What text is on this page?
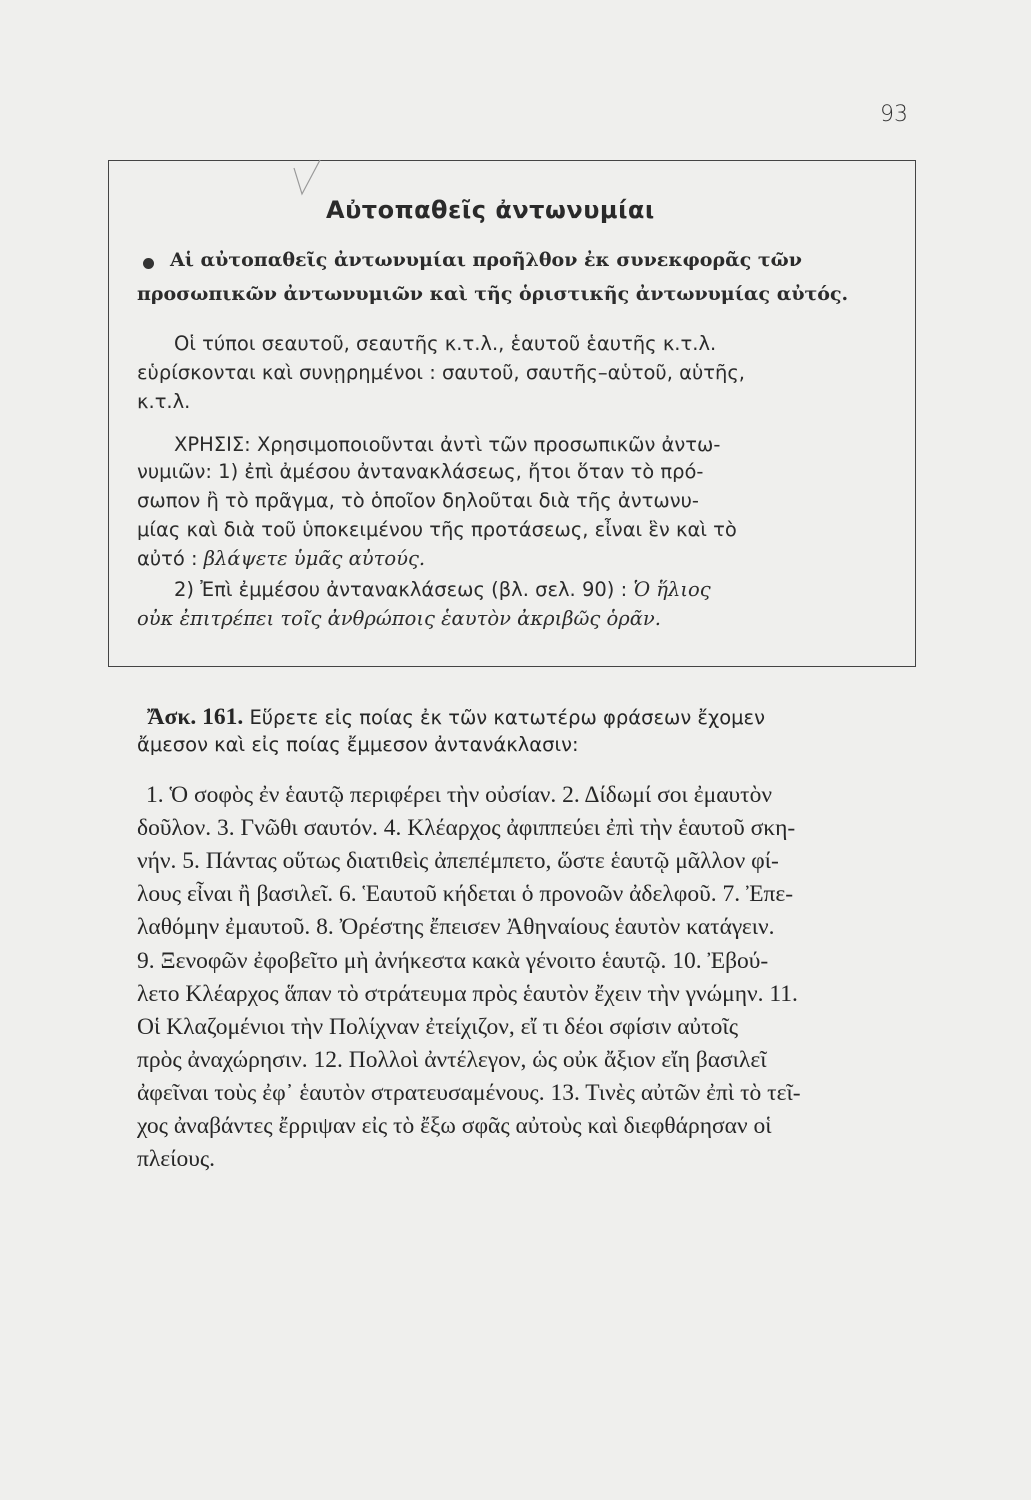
93
Αὐτοπαθεῖς ἀντωνυμίαι
Αἱ αὐτοπαθεῖς ἀντωνυμίαι προῆλθον ἐκ συνεκφορᾶς τῶν
προσωπικῶν ἀντωνυμιῶν καὶ τῆς ὁριστικῆς ἀντωνυμίας αὐτός.
Οἱ τύποι σεαυτοῦ, σεαυτῆς κ.τ.λ., ἑαυτοῦ ἑαυτῆς κ.τ.λ.
εὑρίσκονται καὶ συνῃρημένοι : σαυτοῦ, σαυτῆς–αὑτοῦ, αὑτῆς,
κ.τ.λ.
ΧΡΗΣΙΣ: Χρησιμοποιοῦνται ἀντὶ τῶν προσωπικῶν ἀντω-
νυμιῶν: 1) ἐπὶ ἀμέσου ἀντανακλάσεως, ἤτοι ὅταν τὸ πρό-
σωπον ἢ τὸ πρᾶγμα, τὸ ὁποῖον δηλοῦται διὰ τῆς ἀντωνυ-
μίας καὶ διὰ τοῦ ὑποκειμένου τῆς προτάσεως, εἶναι ἓν καὶ τὸ
αὐτό : βλάψετε ὑμᾶς αὐτούς.
2) Ἐπὶ ἐμμέσου ἀντανακλάσεως (βλ. σελ. 90) : Ὁ ἥλιος
οὐκ ἐπιτρέπει τοῖς ἀνθρώποις ἑαυτὸν ἀκριβῶς ὁρᾶν.
Ἄσκ. 161. Εὕρετε εἰς ποίας ἐκ τῶν κατωτέρω φράσεων ἔχομεν
ἄμεσον καὶ εἰς ποίας ἔμμεσον ἀντανάκλασιν:
1. Ὁ σοφὸς ἐν ἑαυτῷ περιφέρει τὴν οὐσίαν. 2. Δίδωμί σοι ἐμαυτὸν
δοῦλον. 3. Γνῶθι σαυτόν. 4. Κλέαρχος ἀφιππεύει ἐπὶ τὴν ἑαυτοῦ σκη-
νήν. 5. Πάντας οὕτως διατιθεὶς ἀπεπέμπετο, ὥστε ἑαυτῷ μᾶλλον φί-
λους εἶναι ἢ βασιλεῖ. 6. Ἑαυτοῦ κήδεται ὁ προνοῶν ἀδελφοῦ. 7. Ἐπε-
λαθόμην ἐμαυτοῦ. 8. Ὀρέστης ἔπεισεν Ἀθηναίους ἑαυτὸν κατάγειν.
9. Ξενοφῶν ἐφοβεῖτο μὴ ἀνήκεστα κακὰ γένοιτο ἑαυτῷ. 10. Ἐβού-
λετο Κλέαρχος ἅπαν τὸ στράτευμα πρὸς ἑαυτὸν ἔχειν τὴν γνώμην. 11.
Οἱ Κλαζομένιοι τὴν Πολίχναν ἐτείχιζον, εἴ τι δέοι σφίσιν αὐτοῖς
πρὸς ἀναχώρησιν. 12. Πολλοὶ ἀντέλεγον, ὡς οὐκ ἄξιον εἴη βασιλεῖ
ἀφεῖναι τοὺς ἐφ᾽ ἑαυτὸν στρατευσαμένους. 13. Τινὲς αὐτῶν ἐπὶ τὸ τεῖ-
χος ἀναβάντες ἔρριψαν εἰς τὸ ἔξω σφᾶς αὐτοὺς καὶ διεφθάρησαν οἱ
πλείους.
